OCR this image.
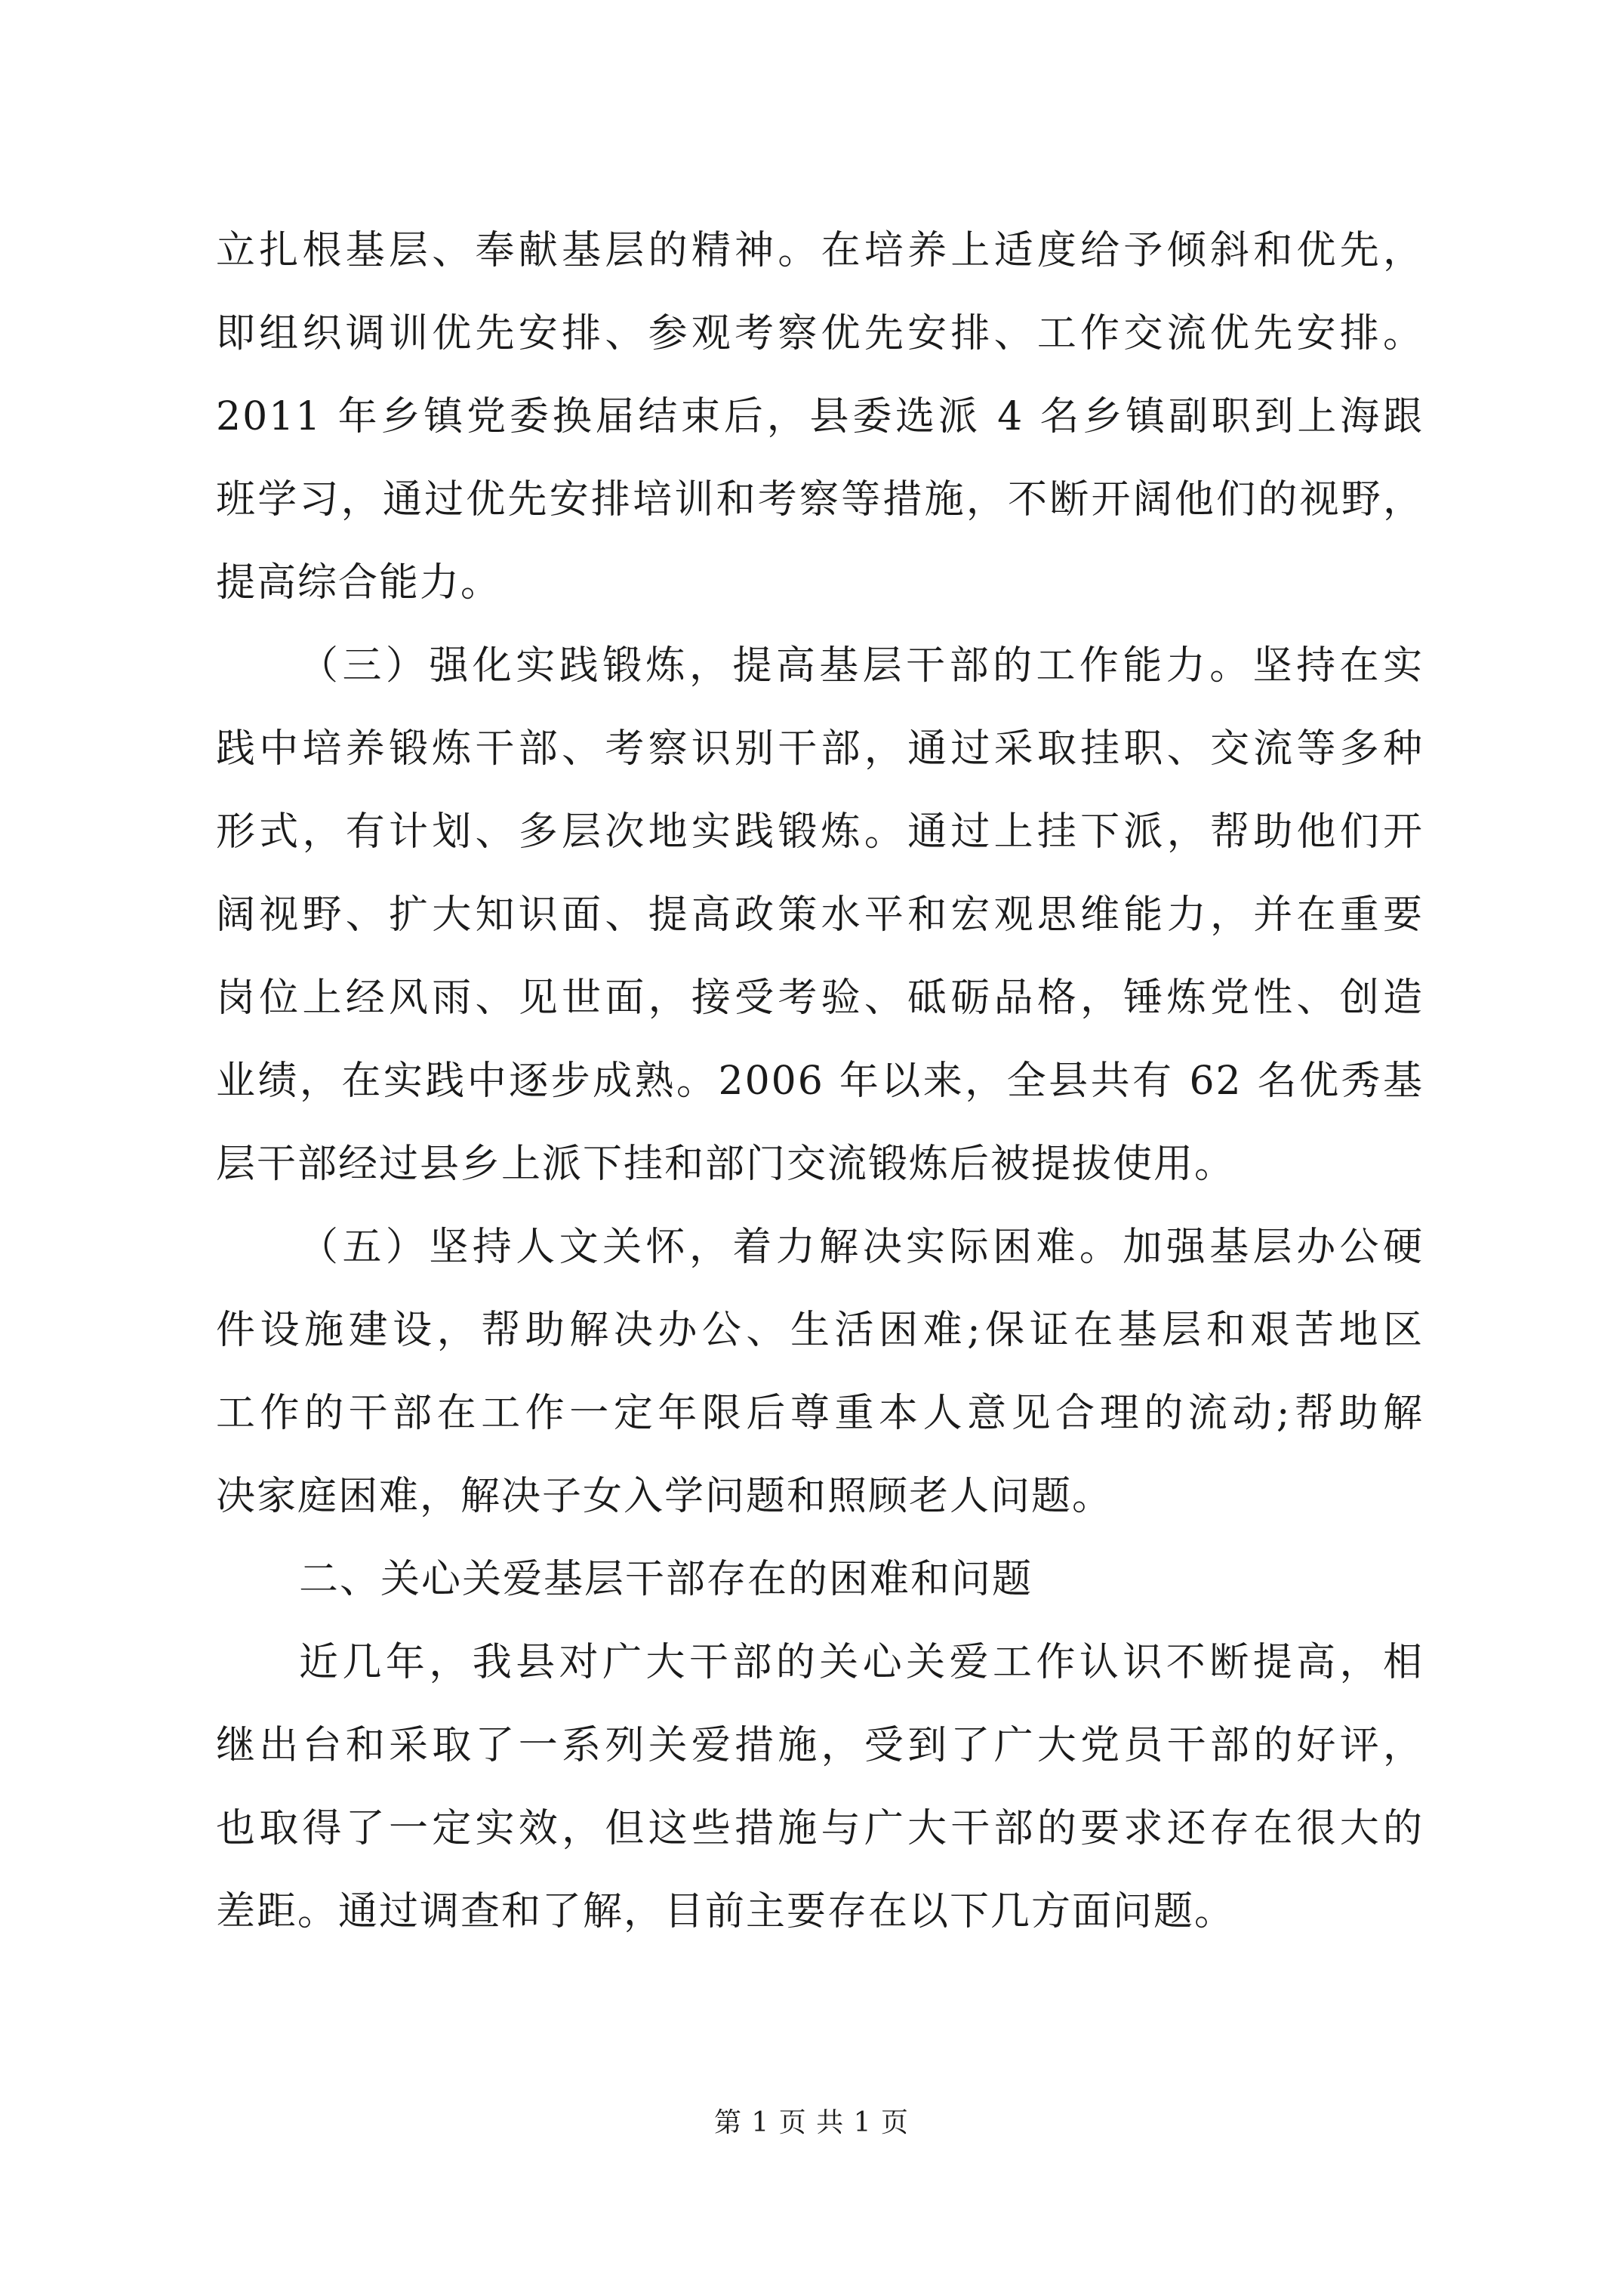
立扎根基层、奉献基层的精神。在培养上适度给予倾斜和优先，
即组织调训优先安排、参观考察优先安排、工作交流优先安排。
2011 年乡镇党委换届结束后，县委选派 4 名乡镇副职到上海跟
班学习，通过优先安排培训和考察等措施，不断开阔他们的视野，
提高综合能力。
（三）强化实践锻炼，提高基层干部的工作能力。坚持在实
践中培养锻炼干部、考察识别干部，通过采取挂职、交流等多种
形式，有计划、多层次地实践锻炼。通过上挂下派，帮助他们开
阔视野、扩大知识面、提高政策水平和宏观思维能力，并在重要
岗位上经风雨、见世面，接受考验、砥砺品格，锤炼党性、创造
业绩，在实践中逐步成熟。2006 年以来，全县共有 62 名优秀基
层干部经过县乡上派下挂和部门交流锻炼后被提拔使用。
（五）坚持人文关怀，着力解决实际困难。加强基层办公硬
件设施建设，帮助解决办公、生活困难;保证在基层和艰苦地区
工作的干部在工作一定年限后尊重本人意见合理的流动;帮助解
决家庭困难，解决子女入学问题和照顾老人问题。
二、关心关爱基层干部存在的困难和问题
近几年，我县对广大干部的关心关爱工作认识不断提高，相
继出台和采取了一系列关爱措施，受到了广大党员干部的好评，
也取得了一定实效，但这些措施与广大干部的要求还存在很大的
差距。通过调查和了解，目前主要存在以下几方面问题。
第 1 页 共 1 页
